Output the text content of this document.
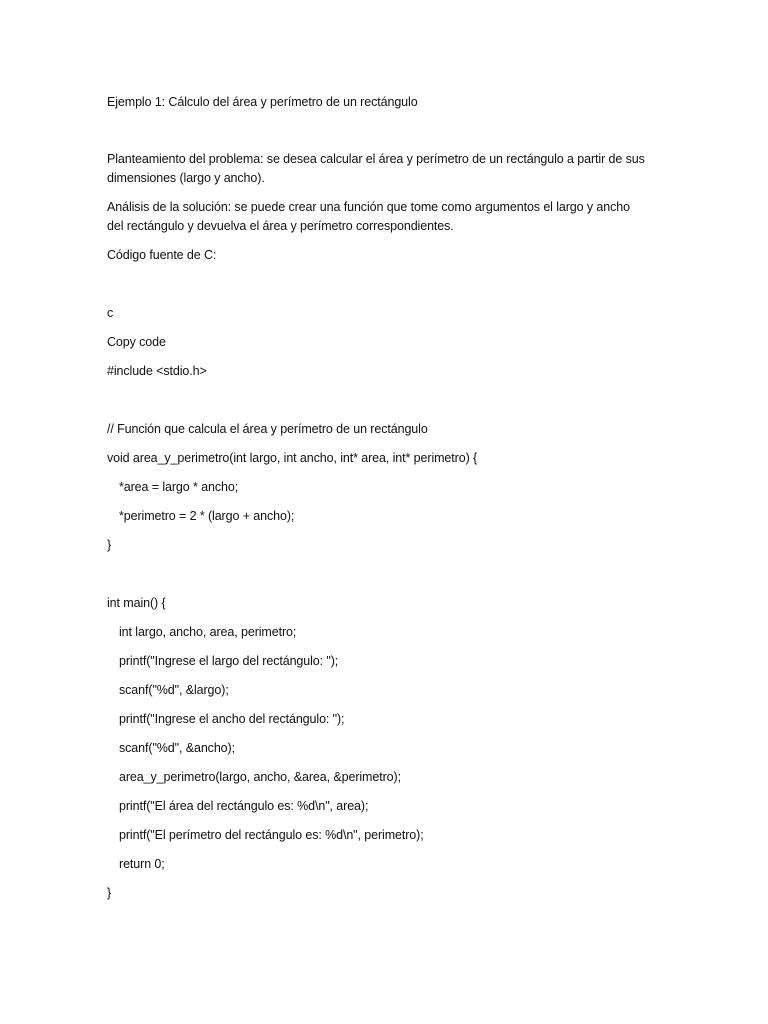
Ejemplo 1: Cálculo del área y perímetro de un rectángulo
Planteamiento del problema: se desea calcular el área y perímetro de un rectángulo a partir de sus
dimensiones (largo y ancho).
Análisis de la solución: se puede crear una función que tome como argumentos el largo y ancho
del rectángulo y devuelva el área y perímetro correspondientes.
Código fuente de C:
c
Copy code
#include <stdio.h>
// Función que calcula el área y perímetro de un rectángulo
void area_y_perimetro(int largo, int ancho, int* area, int* perimetro) {
*area = largo * ancho;
*perimetro = 2 * (largo + ancho);
}
int main() {
int largo, ancho, area, perimetro;
printf("Ingrese el largo del rectángulo: ");
scanf("%d", &largo);
printf("Ingrese el ancho del rectángulo: ");
scanf("%d", &ancho);
area_y_perimetro(largo, ancho, &area, &perimetro);
printf("El área del rectángulo es: %d\n", area);
printf("El perímetro del rectángulo es: %d\n", perimetro);
return 0;
}
